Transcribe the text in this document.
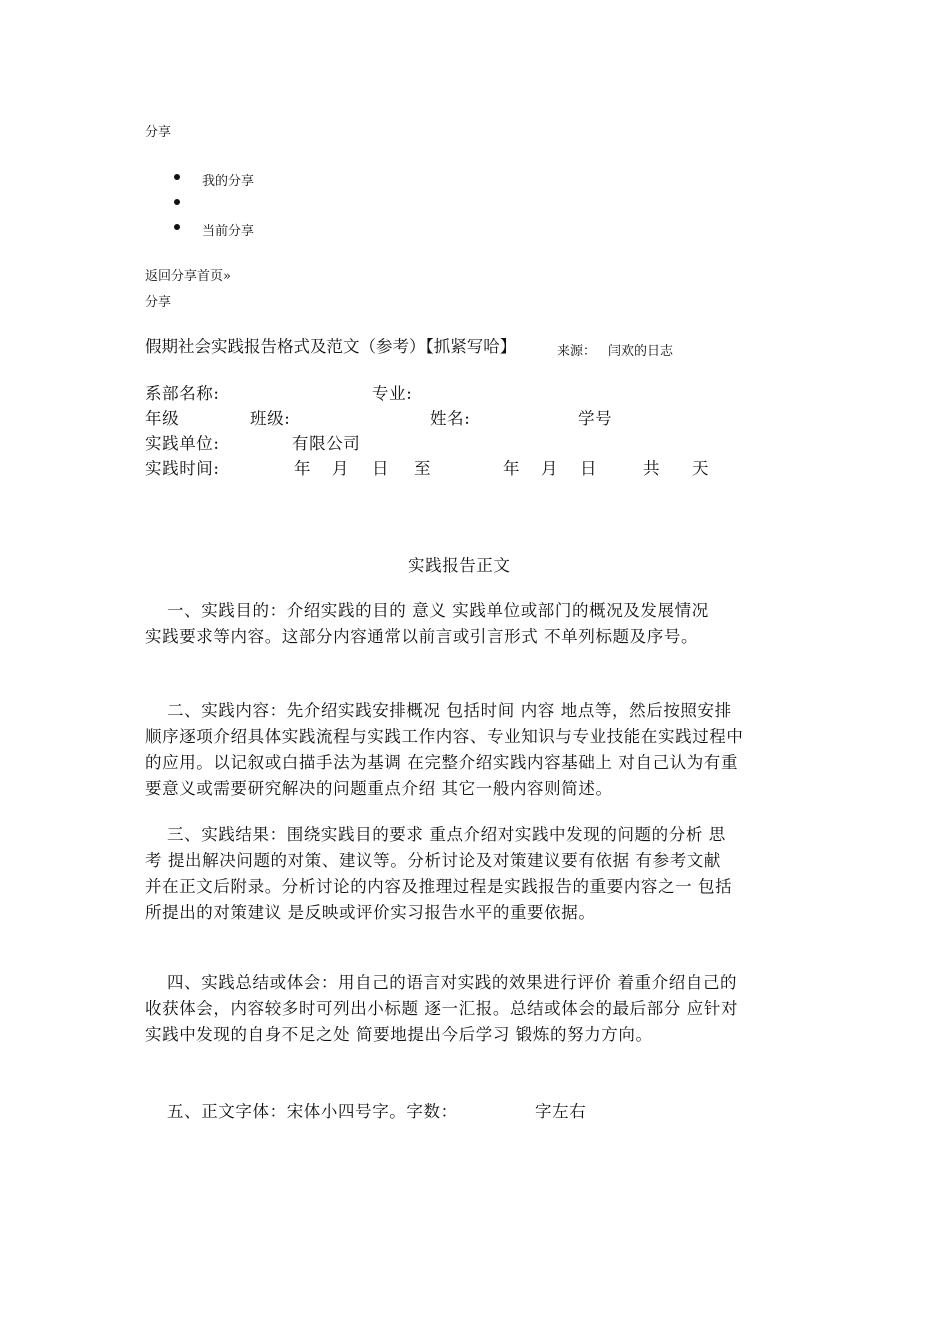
分享
我的分享
当前分享
返回分享首页»
分享
假期社会实践报告格式及范文（参考）【抓紧写哈】	来源： 闫欢的日志
系部名称:	专业:
年级	班级:	姓名:	学号
实践单位:	有限公司
实践时间:	年 月 日 至	年 月 日	共 天
实践报告正文
一、实践目的：介绍实践的目的 意义 实践单位或部门的概况及发展情况
实践要求等内容。这部分内容通常以前言或引言形式 不单列标题及序号。
二、实践内容：先介绍实践安排概况 包括时间 内容 地点等，然后按照安排
顺序逐项介绍具体实践流程与实践工作内容、专业知识与专业技能在实践过程中
的应用。以记叙或白描手法为基调 在完整介绍实践内容基础上 对自己认为有重
要意义或需要研究解决的问题重点介绍 其它一般内容则简述。
三、实践结果：围绕实践目的要求 重点介绍对实践中发现的问题的分析 思
考 提出解决问题的对策、建议等。分析讨论及对策建议要有依据 有参考文献
并在正文后附录。分析讨论的内容及推理过程是实践报告的重要内容之一 包括
所提出的对策建议 是反映或评价实习报告水平的重要依据。
四、实践总结或体会：用自己的语言对实践的效果进行评价 着重介绍自己的
收获体会，内容较多时可列出小标题 逐一汇报。总结或体会的最后部分 应针对
实践中发现的自身不足之处 简要地提出今后学习 锻炼的努力方向。
五、正文字体：宋体小四号字。字数：	字左右
